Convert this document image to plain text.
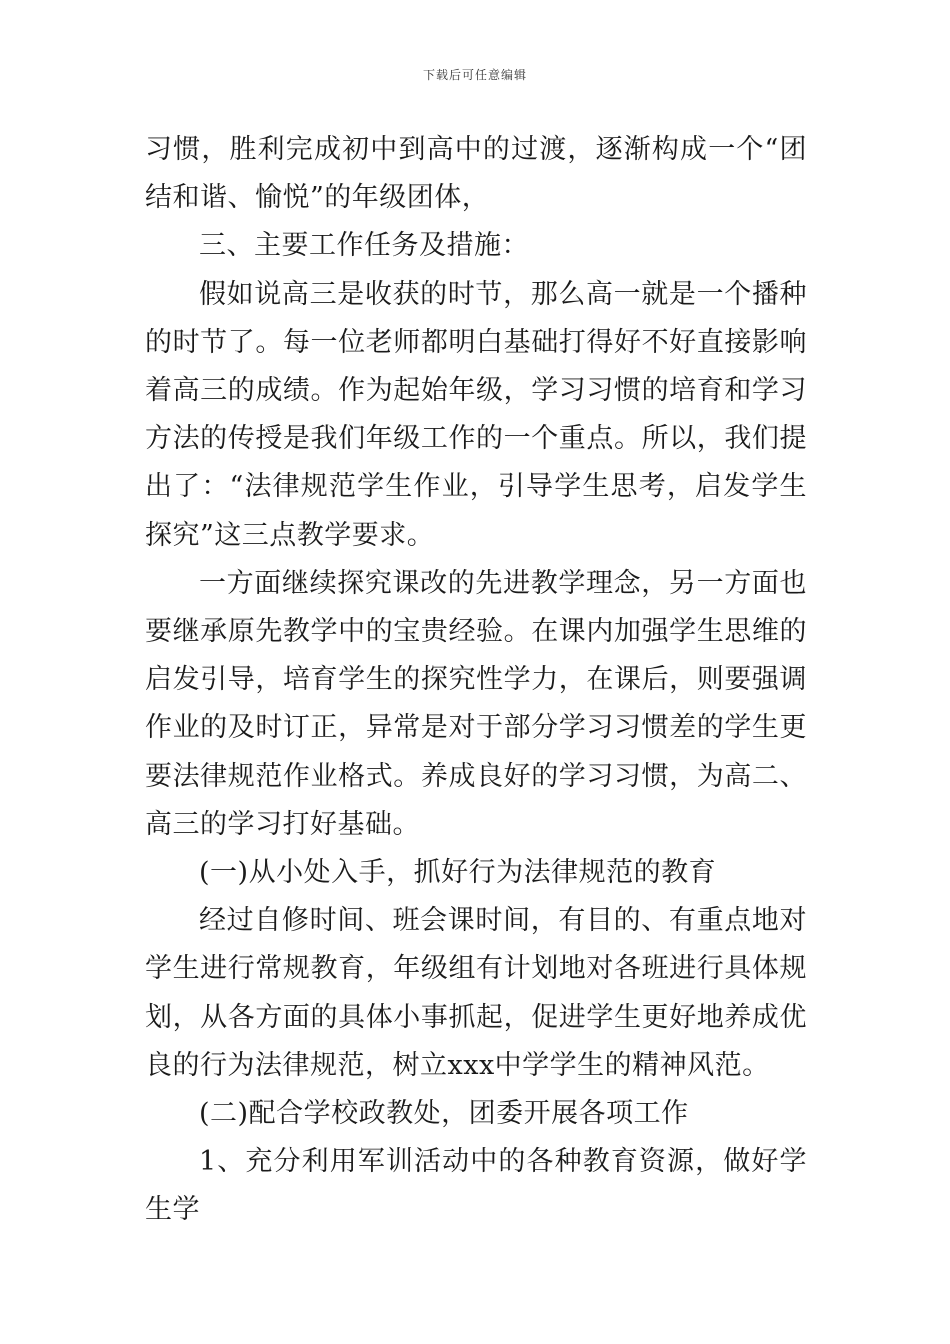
下载后可任意编辑

习惯，胜利完成初中到高中的过渡，逐渐构成一个“团结和谐、愉悦”的年级团体，

三、主要工作任务及措施：

假如说高三是收获的时节，那么高一就是一个播种的时节了。每一位老师都明白基础打得好不好直接影响着高三的成绩。作为起始年级，学习习惯的培育和学习方法的传授是我们年级工作的一个重点。所以，我们提出了：“法律规范学生作业，引导学生思考，启发学生探究”这三点教学要求。

一方面继续探究课改的先进教学理念，另一方面也要继承原先教学中的宝贵经验。在课内加强学生思维的启发引导，培育学生的探究性学力，在课后，则要强调作业的及时订正，异常是对于部分学习习惯差的学生更要法律规范作业格式。养成良好的学习习惯，为高二、高三的学习打好基础。

(一)从小处入手，抓好行为法律规范的教育

经过自修时间、班会课时间，有目的、有重点地对学生进行常规教育，年级组有计划地对各班进行具体规划，从各方面的具体小事抓起，促进学生更好地养成优良的行为法律规范，树立xxx中学学生的精神风范。

(二)配合学校政教处，团委开展各项工作

1、充分利用军训活动中的各种教育资源，做好学生学
